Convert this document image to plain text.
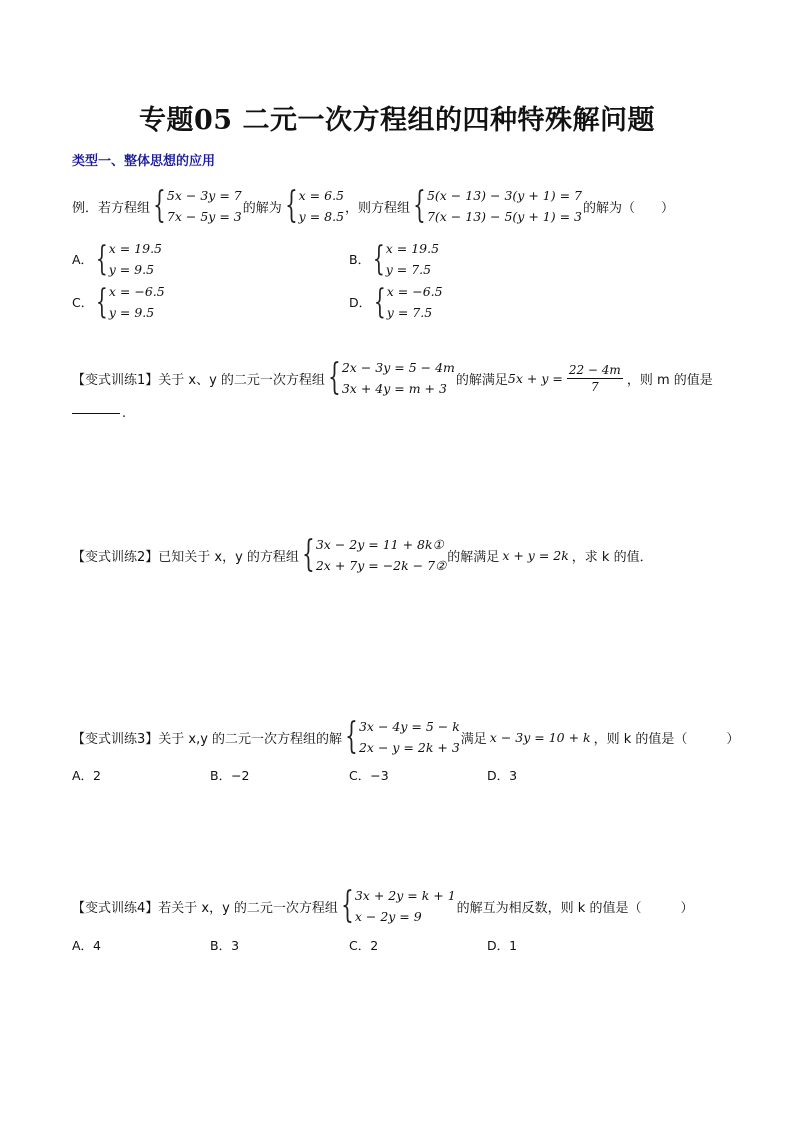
专题05 二元一次方程组的四种特殊解问题
类型一、整体思想的应用
例．若方程组 { 5x − 3y = 7
7x − 5y = 3
的解为 { x = 6.5
y = 8.5
，则方程组 { 5(x − 13) − 3(y + 1) = 7
7(x − 13) − 5(y + 1) = 3
的解为（　　）
A． { x = 19.5
y = 9.5
B． { x = 19.5
y = 7.5
C． { x = −6.5
y = 9.5
D． { x = −6.5
y = 7.5
【变式训练1】关于 x、y 的二元一次方程组 { 2x − 3y = 5 − 4m
3x + 4y = m + 3
的解满足 $5x + y = \frac{22 - 4m}{7}$ ，则 m 的值是
.
【变式训练2】已知关于 x，y 的方程组 { 3x − 2y = 11 + 8k①
2x + 7y = −2k − 7②
的解满足 x + y = 2k ，求 k 的值．
【变式训练3】关于 x,y 的二元一次方程组的解 { 3x − 4y = 5 − k
2x − y = 2k + 3
满足 x − 3y = 10 + k ，则 k 的值是（　　　）
A．2	B．−2	C．−3	D．3
【变式训练4】若关于 x，y 的二元一次方程组 { 3x + 2y = k + 1
x − 2y = 9
的解互为相反数，则 k 的值是（　　　）
A．4	B．3	C．2	D．1
